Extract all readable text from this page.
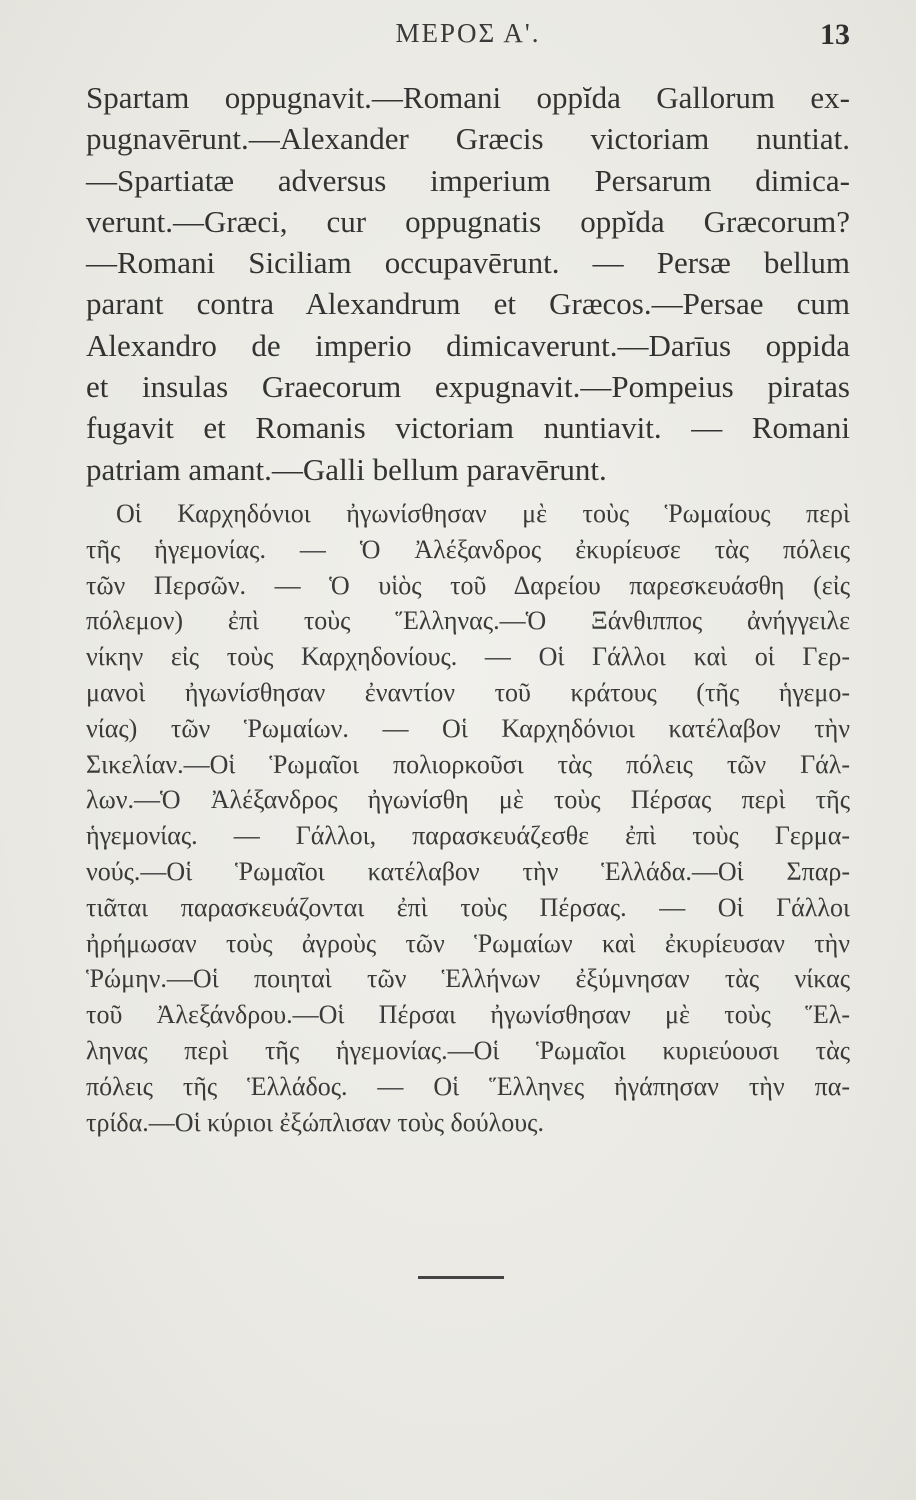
ΜΕΡΟΣ Α'.	13
Spartam oppugnavit.—Romani oppĭda Gallorum ex-
pugnavērunt.—Alexander Græcis victoriam nuntiat.
—Spartiatæ adversus imperium Persarum dimica-
verunt.—Græci, cur oppugnatis oppĭda Græcorum?
—Romani Siciliam occupavērunt. — Persæ bellum
parant contra Alexandrum et Græcos.—Persae cum
Alexandro de imperio dimicaverunt.—Darīus oppida
et insulas Graecorum expugnavit.—Pompeius piratas
fugavit et Romanis victoriam nuntiavit. — Romani
patriam amant.—Galli bellum paravērunt.
Οἱ Καρχηδόνιοι ἠγωνίσθησαν μὲ τοὺς Ῥωμαίους περὶ
τῆς ἡγεμονίας. — Ὁ Ἀλέξανδρος ἐκυρίευσε τὰς πόλεις
τῶν Περσῶν. — Ὁ υἱὸς τοῦ Δαρείου παρεσκευάσθη (εἰς
πόλεμον) ἐπὶ τοὺς Ἕλληνας.—Ὁ Ξάνθιππος ἀνήγγειλε
νίκην εἰς τοὺς Καρχηδονίους. — Οἱ Γάλλοι καὶ οἱ Γερ-
μανοὶ ἠγωνίσθησαν ἐναντίον τοῦ κράτους (τῆς ἡγεμο-
νίας) τῶν Ῥωμαίων. — Οἱ Καρχηδόνιοι κατέλαβον τὴν
Σικελίαν.—Οἱ Ῥωμαῖοι πολιορκοῦσι τὰς πόλεις τῶν Γάλ-
λων.—Ὁ Ἀλέξανδρος ἠγωνίσθη μὲ τοὺς Πέρσας περὶ τῆς
ἡγεμονίας. — Γάλλοι, παρασκευάζεσθε ἐπὶ τοὺς Γερμα-
νούς.—Οἱ Ῥωμαῖοι κατέλαβον τὴν Ἑλλάδα.—Οἱ Σπαρ-
τιᾶται παρασκευάζονται ἐπὶ τοὺς Πέρσας. — Οἱ Γάλλοι
ἠρήμωσαν τοὺς ἀγροὺς τῶν Ῥωμαίων καὶ ἐκυρίευσαν τὴν
Ῥώμην.—Οἱ ποιηταὶ τῶν Ἑλλήνων ἐξύμνησαν τὰς νίκας
τοῦ Ἀλεξάνδρου.—Οἱ Πέρσαι ἠγωνίσθησαν μὲ τοὺς Ἕλ-
ληνας περὶ τῆς ἡγεμονίας.—Οἱ Ῥωμαῖοι κυριεύουσι τὰς
πόλεις τῆς Ἑλλάδος. — Οἱ Ἕλληνες ἠγάπησαν τὴν πα-
τρίδα.—Οἱ κύριοι ἐξώπλισαν τοὺς δούλους.
